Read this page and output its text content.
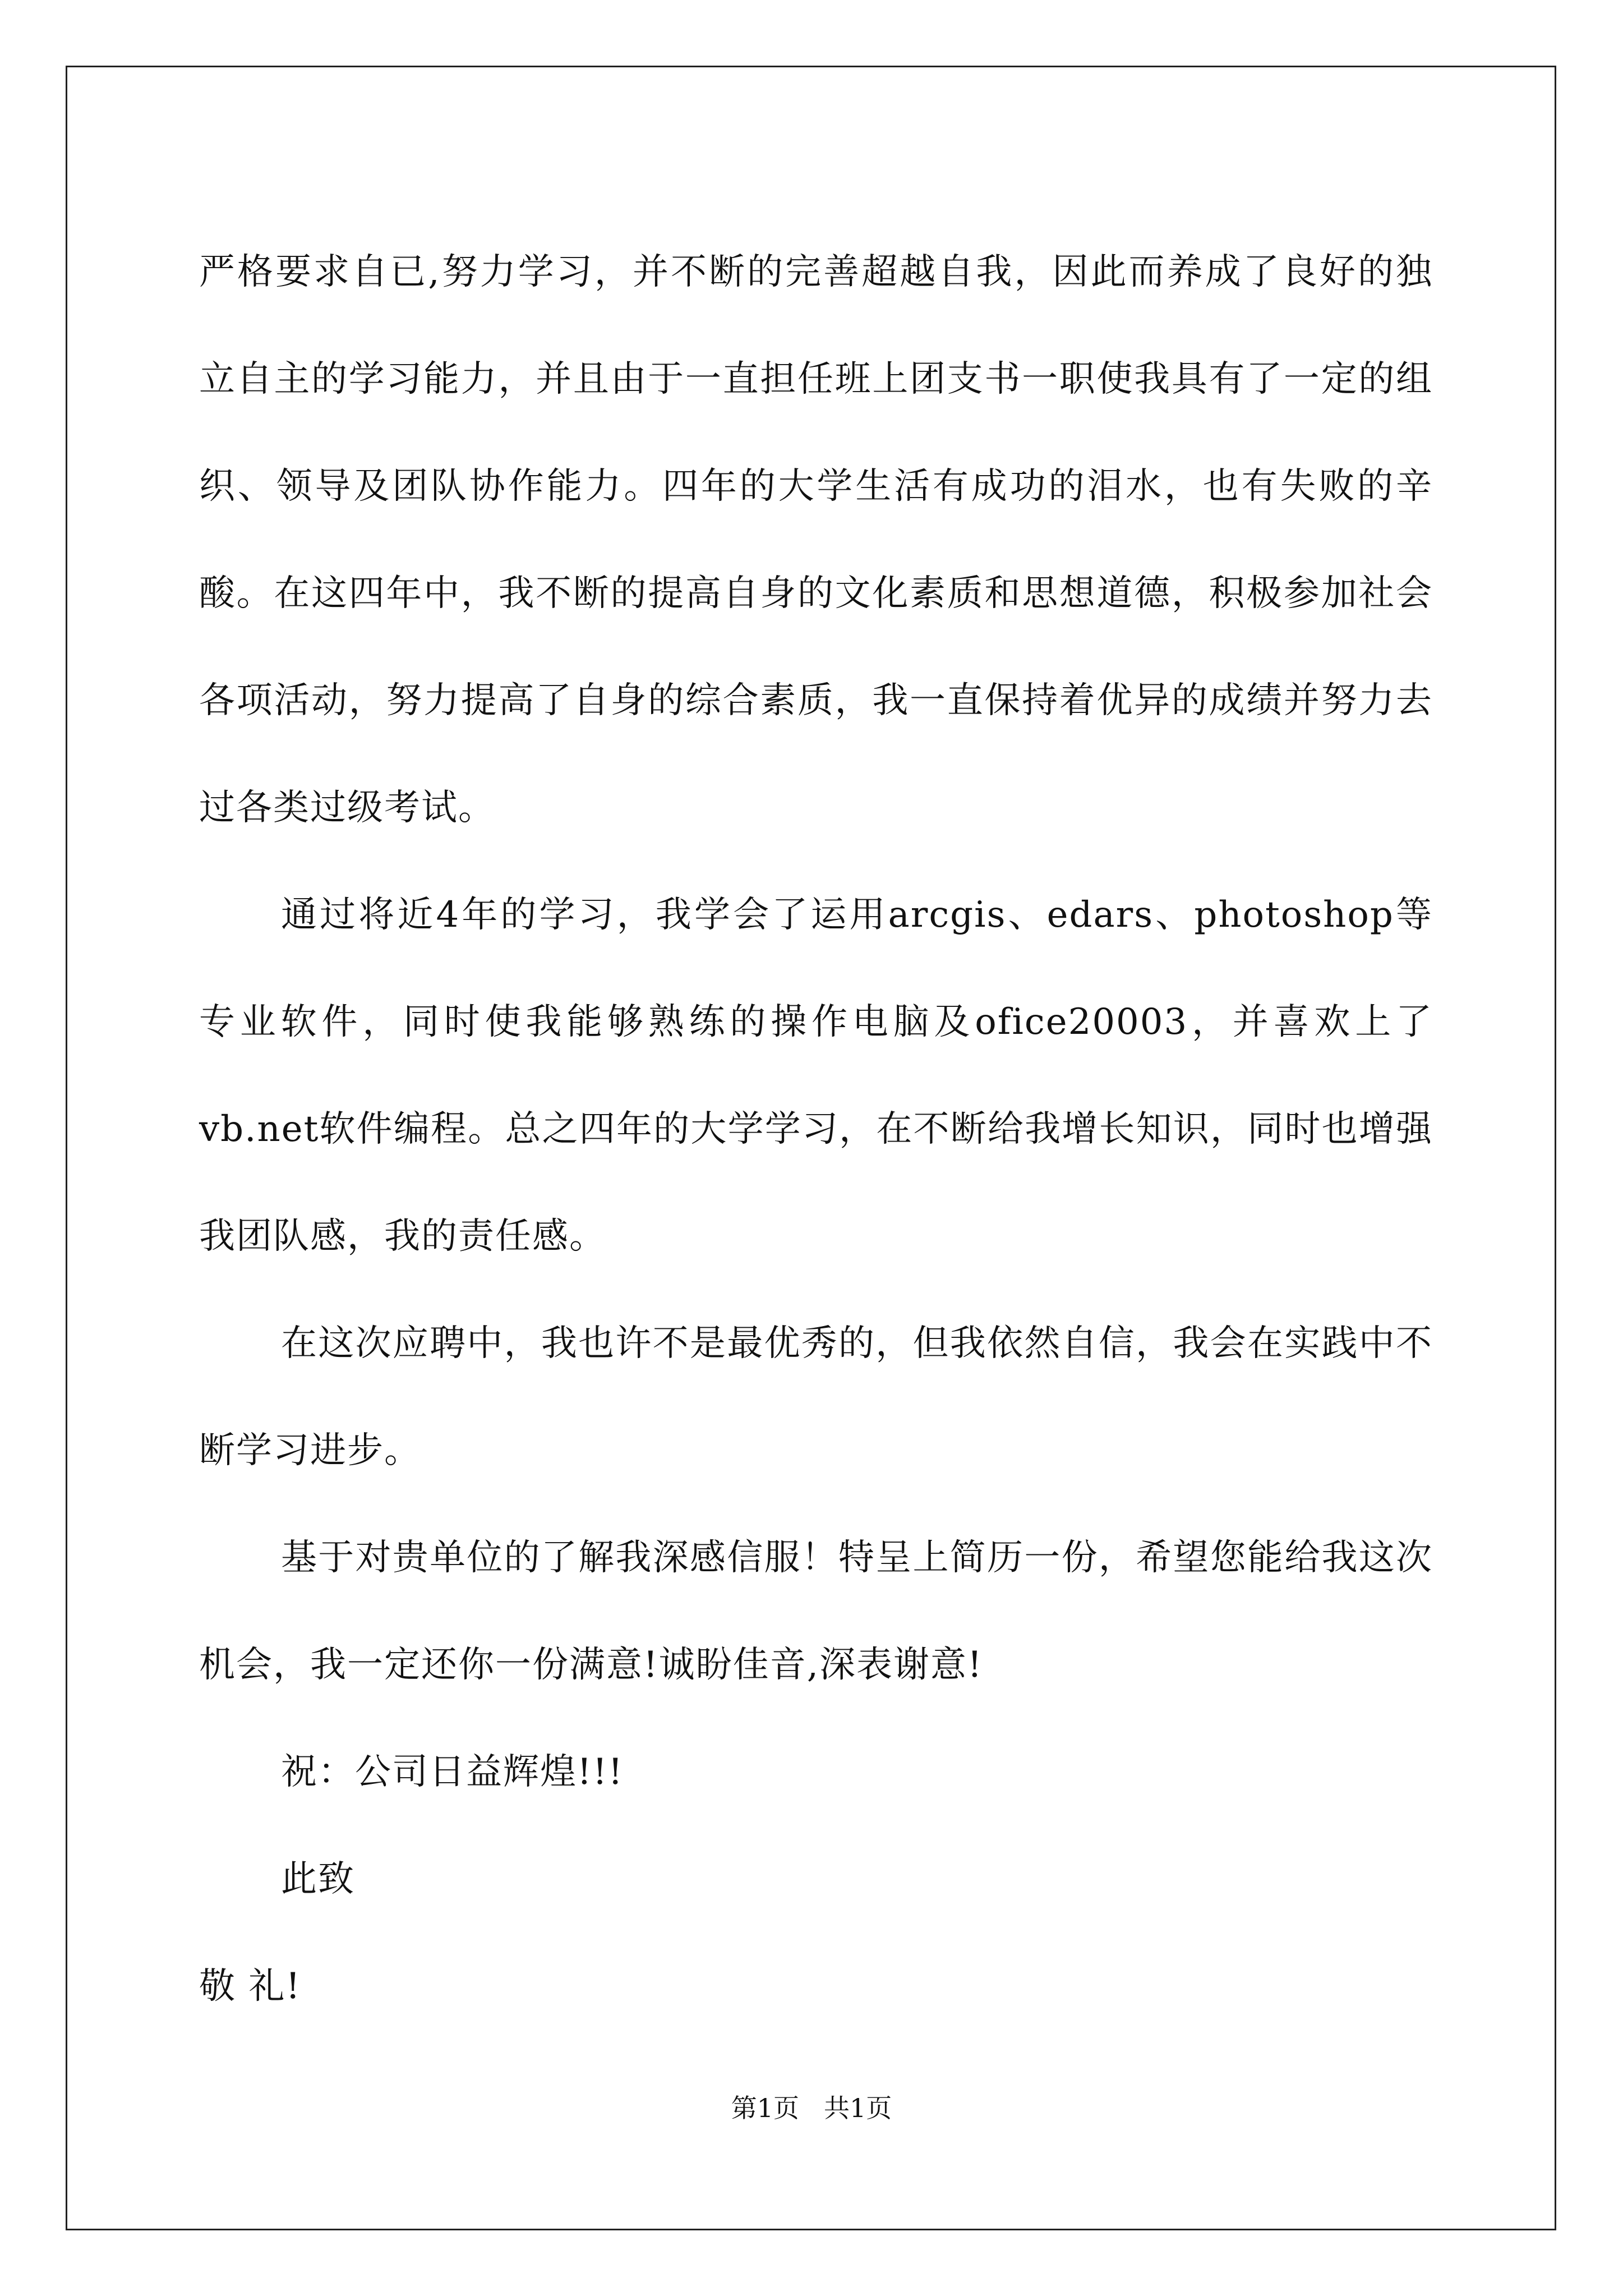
严格要求自已,努力学习，并不断的完善超越自我，因此而养成了良好的独立自主的学习能力，并且由于一直担任班上团支书一职使我具有了一定的组织、领导及团队协作能力。四年的大学生活有成功的泪水，也有失败的辛酸。在这四年中，我不断的提高自身的文化素质和思想道德，积极参加社会各项活动，努力提高了自身的综合素质，我一直保持着优异的成绩并努力去过各类过级考试。

通过将近4年的学习，我学会了运用arcgis、edars、photoshop等专业软件，同时使我能够熟练的操作电脑及ofice20003，并喜欢上了vb.net软件编程。总之四年的大学学习，在不断给我增长知识，同时也增强我团队感，我的责任感。

在这次应聘中，我也许不是最优秀的，但我依然自信，我会在实践中不断学习进步。

基于对贵单位的了解我深感信服！特呈上简历一份，希望您能给我这次机会，我一定还你一份满意!诚盼佳音,深表谢意!

祝：公司日益辉煌!!!

此致

敬 礼!

第1页 共1页
